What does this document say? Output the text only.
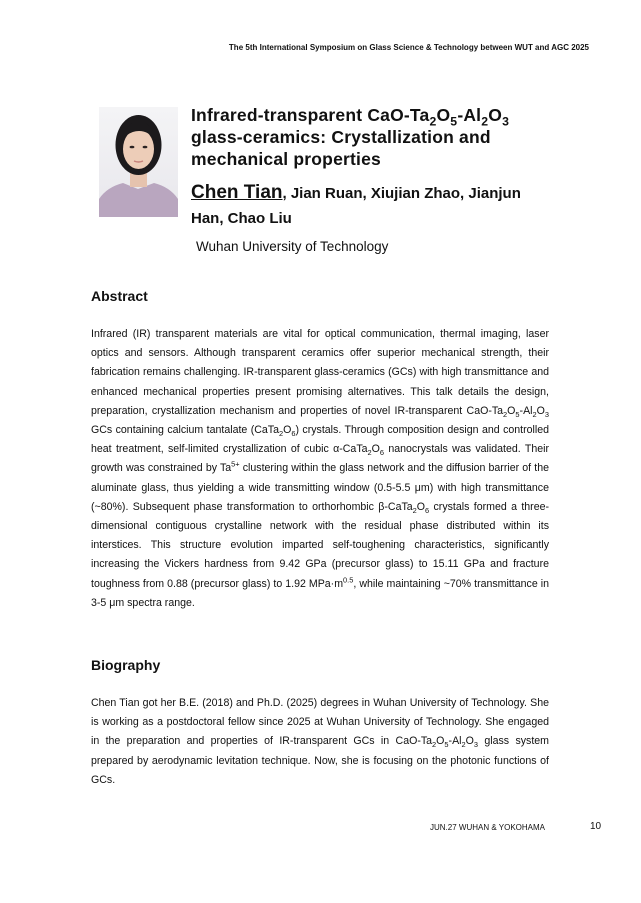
The 5th International Symposium on Glass Science & Technology between WUT and AGC 2025
Infrared-transparent CaO-$Ta_2O_5-Al_2O_3$ glass-ceramics: Crystallization and mechanical properties
Chen Tian, Jian Ruan, Xiujian Zhao, Jianjun Han, Chao Liu
Wuhan University of Technology
Abstract

Infrared (IR) transparent materials are vital for optical communication, thermal imaging, laser optics and sensors. Although transparent ceramics offer superior mechanical strength, their fabrication remains challenging. IR-transparent glass-ceramics (GCs) with high transmittance and enhanced mechanical properties present promising alternatives. This talk details the design, preparation, crystallization mechanism and properties of novel IR-transparent CaO-$Ta_2O_5-Al_2O_3$ GCs containing calcium tantalate $(CaTa_2O_6)$ crystals. Through composition design and controlled heat treatment, self-limited crystallization of cubic $\alpha-CaTa_2O_6$ nanocrystals was validated. Their growth was constrained by $Ta^{5+}$ clustering within the glass network and the diffusion barrier of the aluminate glass, thus yielding a wide transmitting window (0.5-5.5 μm) with high transmittance (~80%). Subsequent phase transformation to orthorhombic $\beta-CaTa_2O_6$ crystals formed a three-dimensional contiguous crystalline network with the residual phase distributed within its interstices. This structure evolution imparted self-toughening characteristics, significantly increasing the Vickers hardness from 9.42 GPa (precursor glass) to 15.11 GPa and fracture toughness from 0.88 (precursor glass) to 1.92 $MPa\cdot m^{0.5}$, while maintaining ~70% transmittance in 3-5 μm spectra range.

Biography

Chen Tian got her B.E. (2018) and Ph.D. (2025) degrees in Wuhan University of Technology. She is working as a postdoctoral fellow since 2025 at Wuhan University of Technology. She engaged in the preparation and properties of IR-transparent GCs in CaO-$Ta_2O_5-Al_2O_3$ glass system prepared by aerodynamic levitation technique. Now, she is focusing on the photonic functions of GCs.

JUN.27 WUHAN & YOKOHAMA	10
